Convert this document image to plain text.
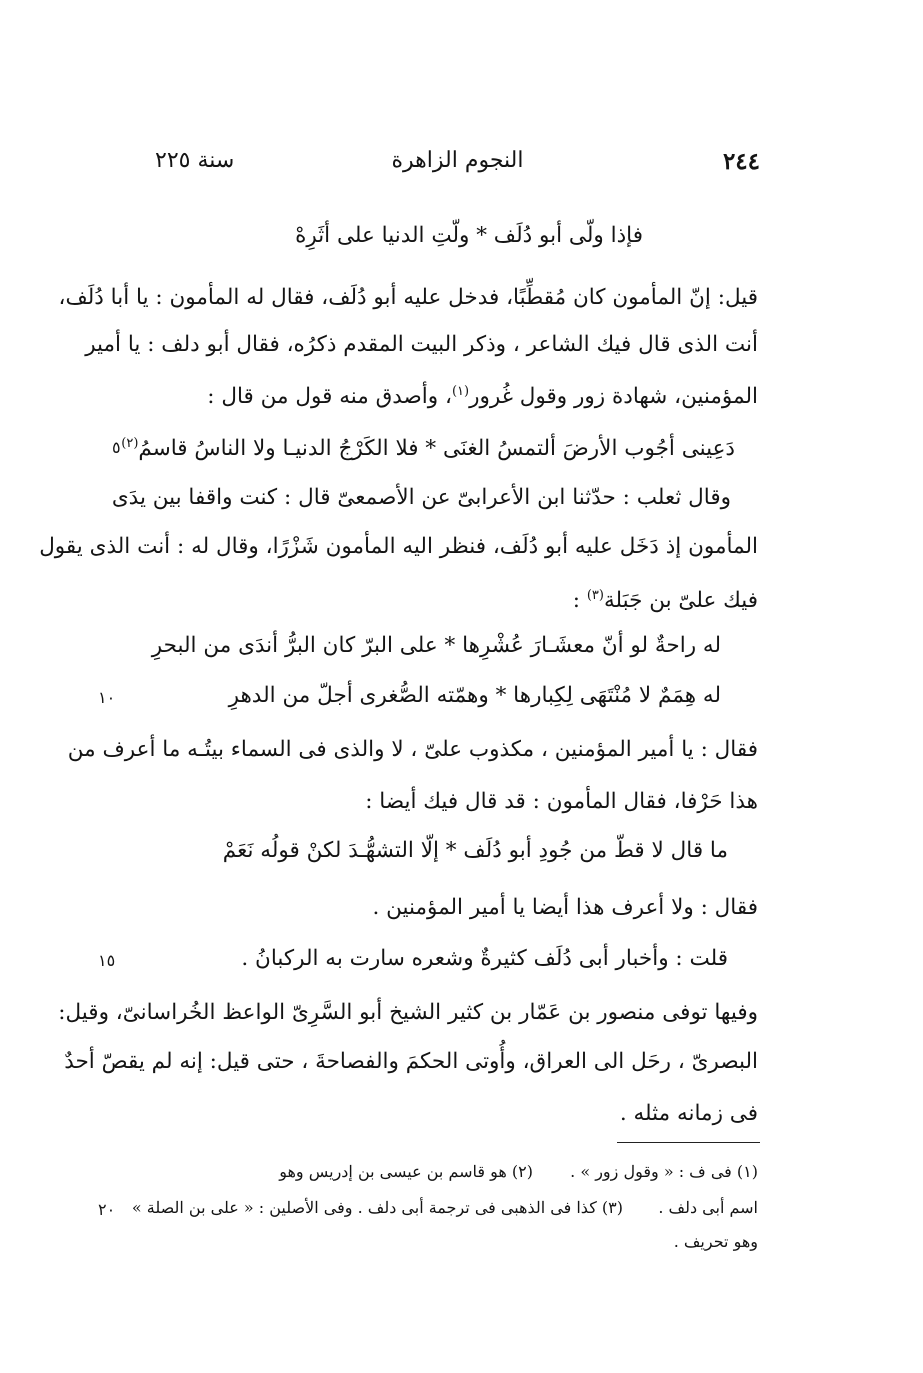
٢٤٤
النجوم الزاهرة
سنة ٢٢٥
فإذا ولّى أبو دُلَف * ولّتِ الدنيا على أثَرِهْ
قيل: إنّ المأمون كان مُقطِّبًا، فدخل عليه أبو دُلَف، فقال له المأمون : يا أبا دُلَف،
أنت الذى قال فيك الشاعر ، وذكر البيت المقدم ذكرُه، فقال أبو دلف : يا أمير
المؤمنين، شهادة زور وقول غُرور$^{(١)}$، وأصدق منه قول من قال :
دَعِينى أجُوب الأرضَ ألتمسُ الغنَى * فلا الكَرْجُ الدنيـا ولا الناسُ قاسمُ$^{(٢)}$
٥
وقال ثعلب : حدّثنا ابن الأعرابىّ عن الأصمعىّ قال : كنت واقفا بين يدَى
المأمون إذ دَخَل عليه أبو دُلَف، فنظر اليه المأمون شَزْرًا، وقال له : أنت الذى يقول
فيك علىّ بن جَبَلة$^{(٣)}$ :
له راحةٌ لو أنّ معشَـارَ عُشْرِها * على البرّ كان البرُّ أندَى من البحرِ
له هِمَمٌ لا مُنْتَهَى لِكِبارها * وهمّته الصُّغرى أجلّ من الدهرِ
١٠
فقال : يا أمير المؤمنين ، مكذوب علىّ ، لا والذى فى السماء بيتُـه ما أعرف من
هذا حَرْفا، فقال المأمون : قد قال فيك أيضا :
ما قال لا قطّ من جُودِ أبو دُلَف * إلّا التشهُّـدَ لكنْ قولُه نَعَمْ
فقال : ولا أعرف هذا أيضا يا أمير المؤمنين .
قلت : وأخبار أبى دُلَف كثيرةٌ وشعره سارت به الركبانُ .
١٥
وفيها توفى منصور بن عَمّار بن كثير الشيخ أبو السَّرِىّ الواعظ الخُراسانىّ، وقيل:
البصرىّ ، رحَل الى العراق، وأُوتى الحكمَ والفصاحةَ ، حتى قيل: إنه لم يقصّ أحدٌ
فى زمانه مثله .
(١) فى ف : « وقول زور » .
(٢) هو قاسم بن عيسى بن إدريس وهو
اسم أبى دلف .
(٣) كذا فى الذهبى فى ترجمة أبى دلف . وفى الأصلين : « على بن الصلة »
٢٠
وهو تحريف .
